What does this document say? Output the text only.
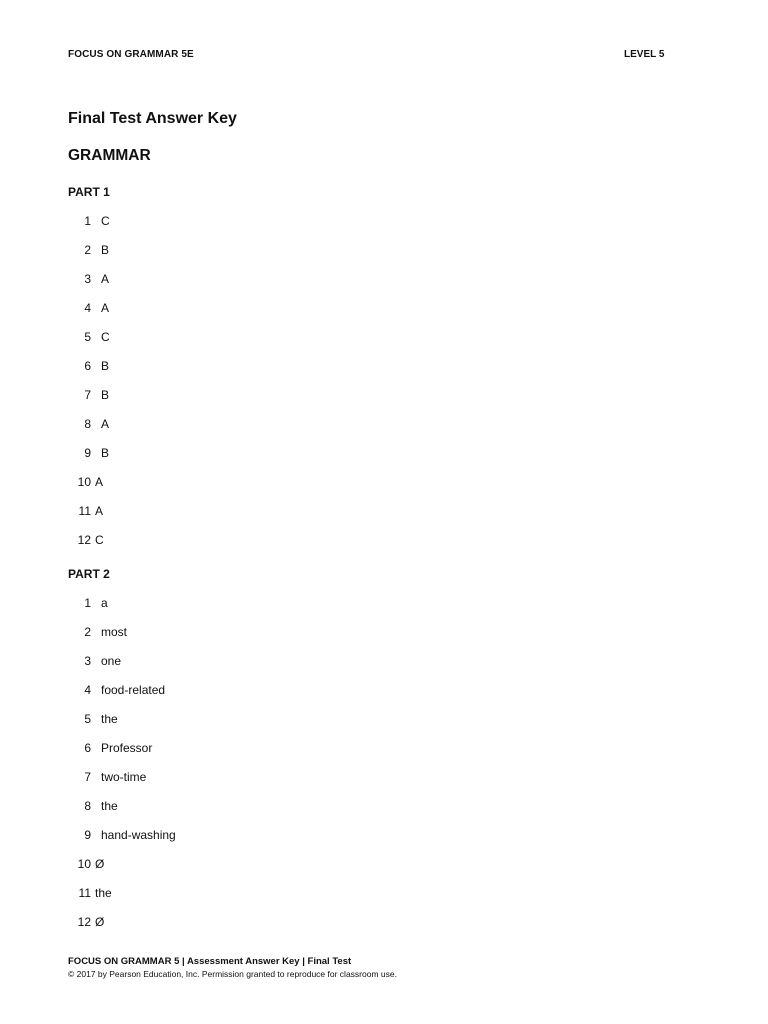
FOCUS ON GRAMMAR 5E	LEVEL 5
Final Test Answer Key
GRAMMAR
PART 1
1 C
2 B
3 A
4 A
5 C
6 B
7 B
8 A
9 B
10 A
11 A
12 C
PART 2
1 a
2 most
3 one
4 food-related
5 the
6 Professor
7 two-time
8 the
9 hand-washing
10 Ø
11 the
12 Ø
FOCUS ON GRAMMAR 5 | Assessment Answer Key | Final Test
© 2017 by Pearson Education, Inc. Permission granted to reproduce for classroom use.
